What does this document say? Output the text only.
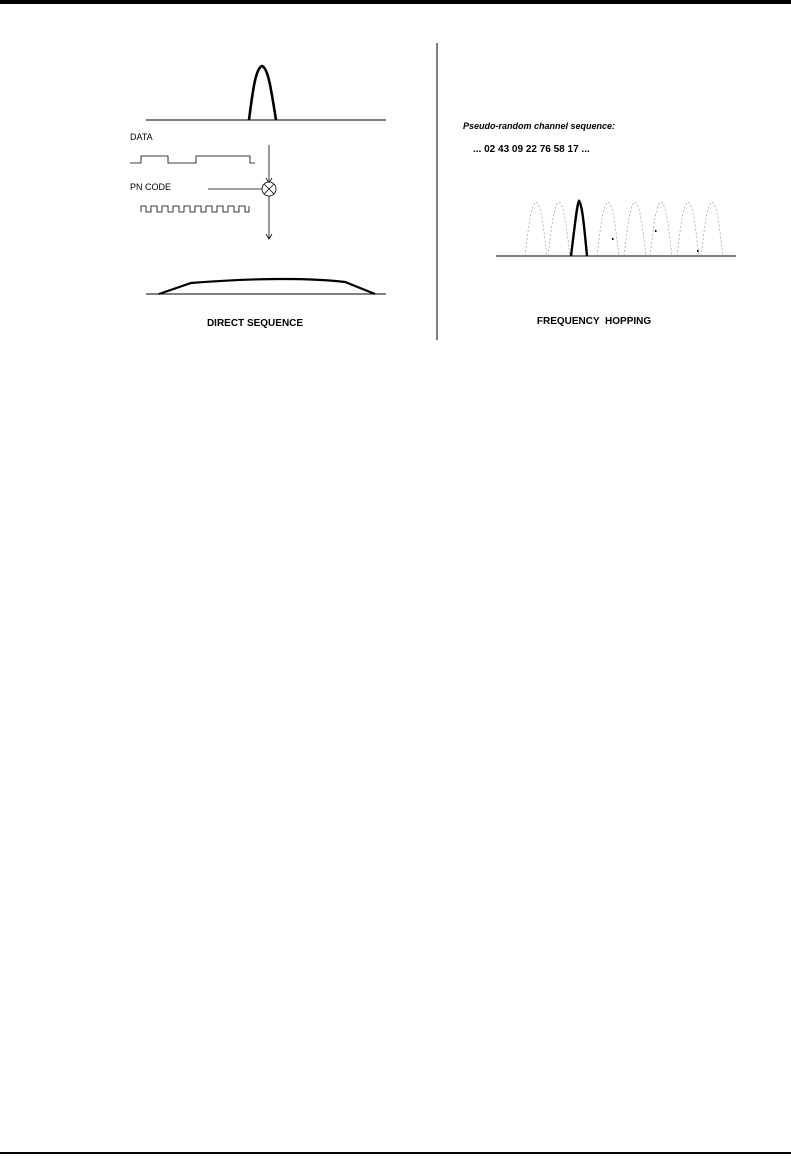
DATA
PN CODE
DIRECT SEQUENCE
Pseudo-random channel sequence:
... 02 43 09 22 76 58 17 ...
FREQUENCY  HOPPING
